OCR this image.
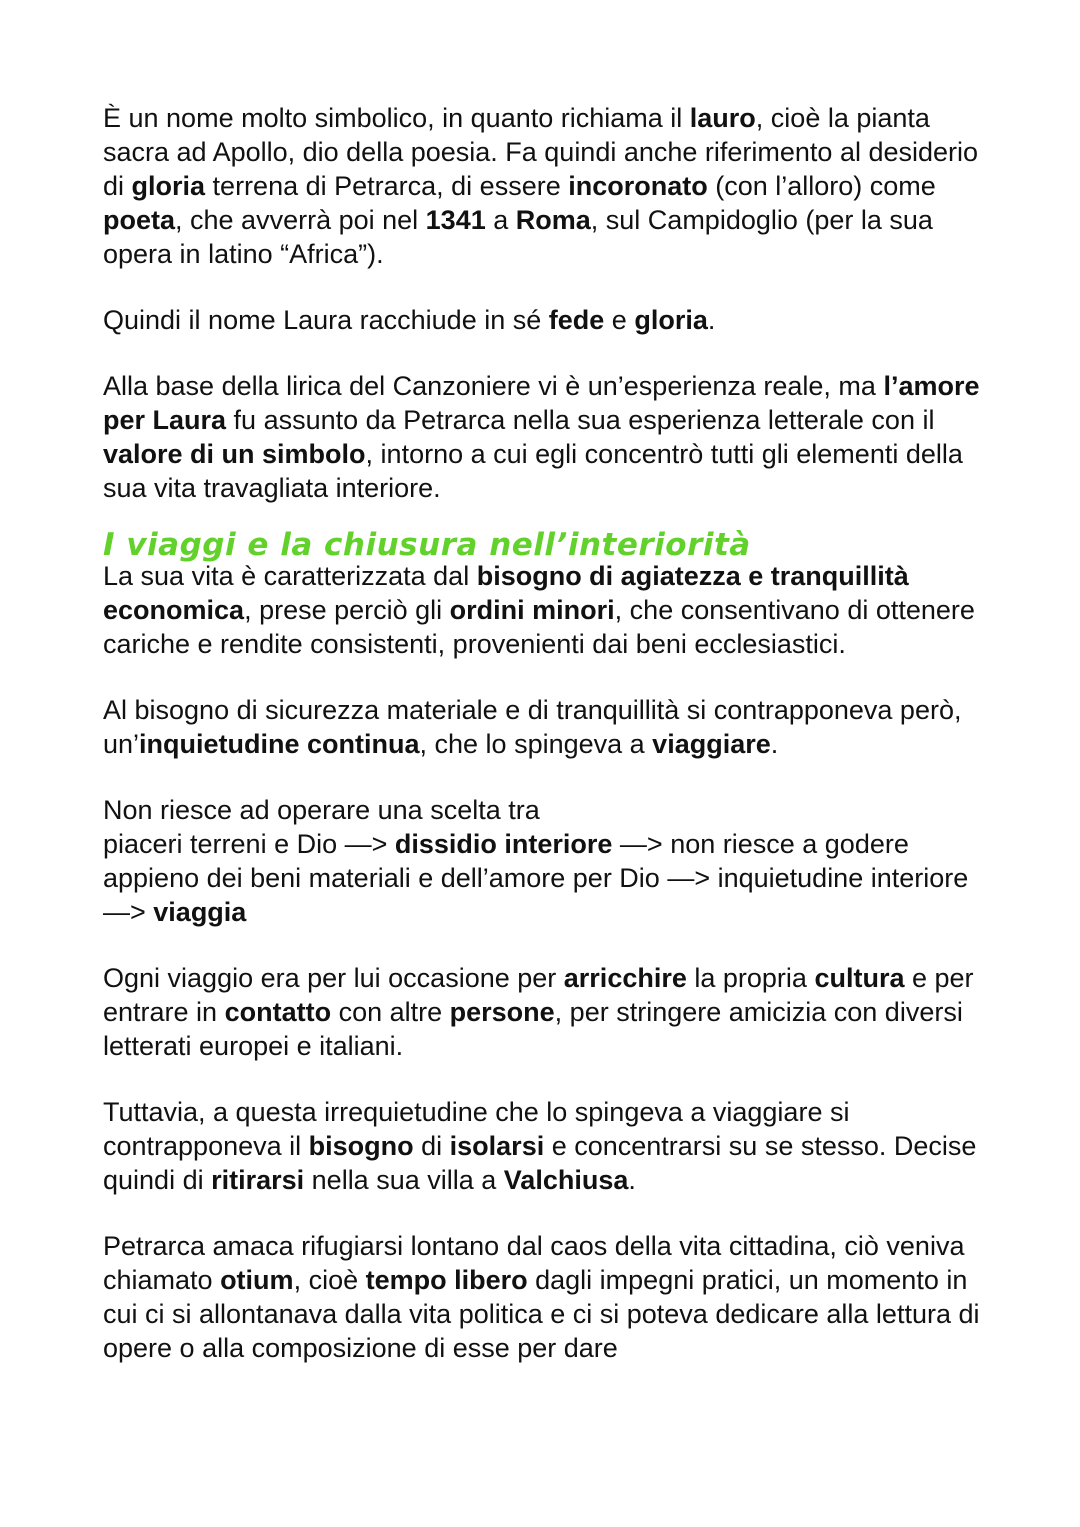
È un nome molto simbolico, in quanto richiama il lauro, cioè la pianta sacra ad Apollo, dio della poesia. Fa quindi anche riferimento al desiderio di gloria terrena di Petrarca, di essere incoronato (con l’alloro) come poeta, che avverrà poi nel 1341 a Roma, sul Campidoglio (per la sua opera in latino “Africa”).

Quindi il nome Laura racchiude in sé fede e gloria.

Alla base della lirica del Canzoniere vi è un’esperienza reale, ma l’amore per Laura fu assunto da Petrarca nella sua esperienza letterale con il valore di un simbolo, intorno a cui egli concentrò tutti gli elementi della sua vita travagliata interiore.

I viaggi e la chiusura nell’interiorità

La sua vita è caratterizzata dal bisogno di agiatezza e tranquillità economica, prese perciò gli ordini minori, che consentivano di ottenere cariche e rendite consistenti, provenienti dai beni ecclesiastici.

Al bisogno di sicurezza materiale e di tranquillità si contrapponeva però, un’inquietudine continua, che lo spingeva a viaggiare.

Non riesce ad operare una scelta tra

piaceri terreni e Dio —> dissidio interiore —> non riesce a godere appieno dei beni materiali e dell’amore per Dio —> inquietudine interiore —> viaggia

Ogni viaggio era per lui occasione per arricchire la propria cultura e per entrare in contatto con altre persone, per stringere amicizia con diversi letterati europei e italiani.

Tuttavia, a questa irrequietudine che lo spingeva a viaggiare si contrapponeva il bisogno di isolarsi e concentrarsi su se stesso. Decise quindi di ritirarsi nella sua villa a Valchiusa.

Petrarca amaca rifugiarsi lontano dal caos della vita cittadina, ciò veniva chiamato otium, cioè tempo libero dagli impegni pratici, un momento in cui ci si allontanava dalla vita politica e ci si poteva dedicare alla lettura di opere o alla composizione di esse per dare
